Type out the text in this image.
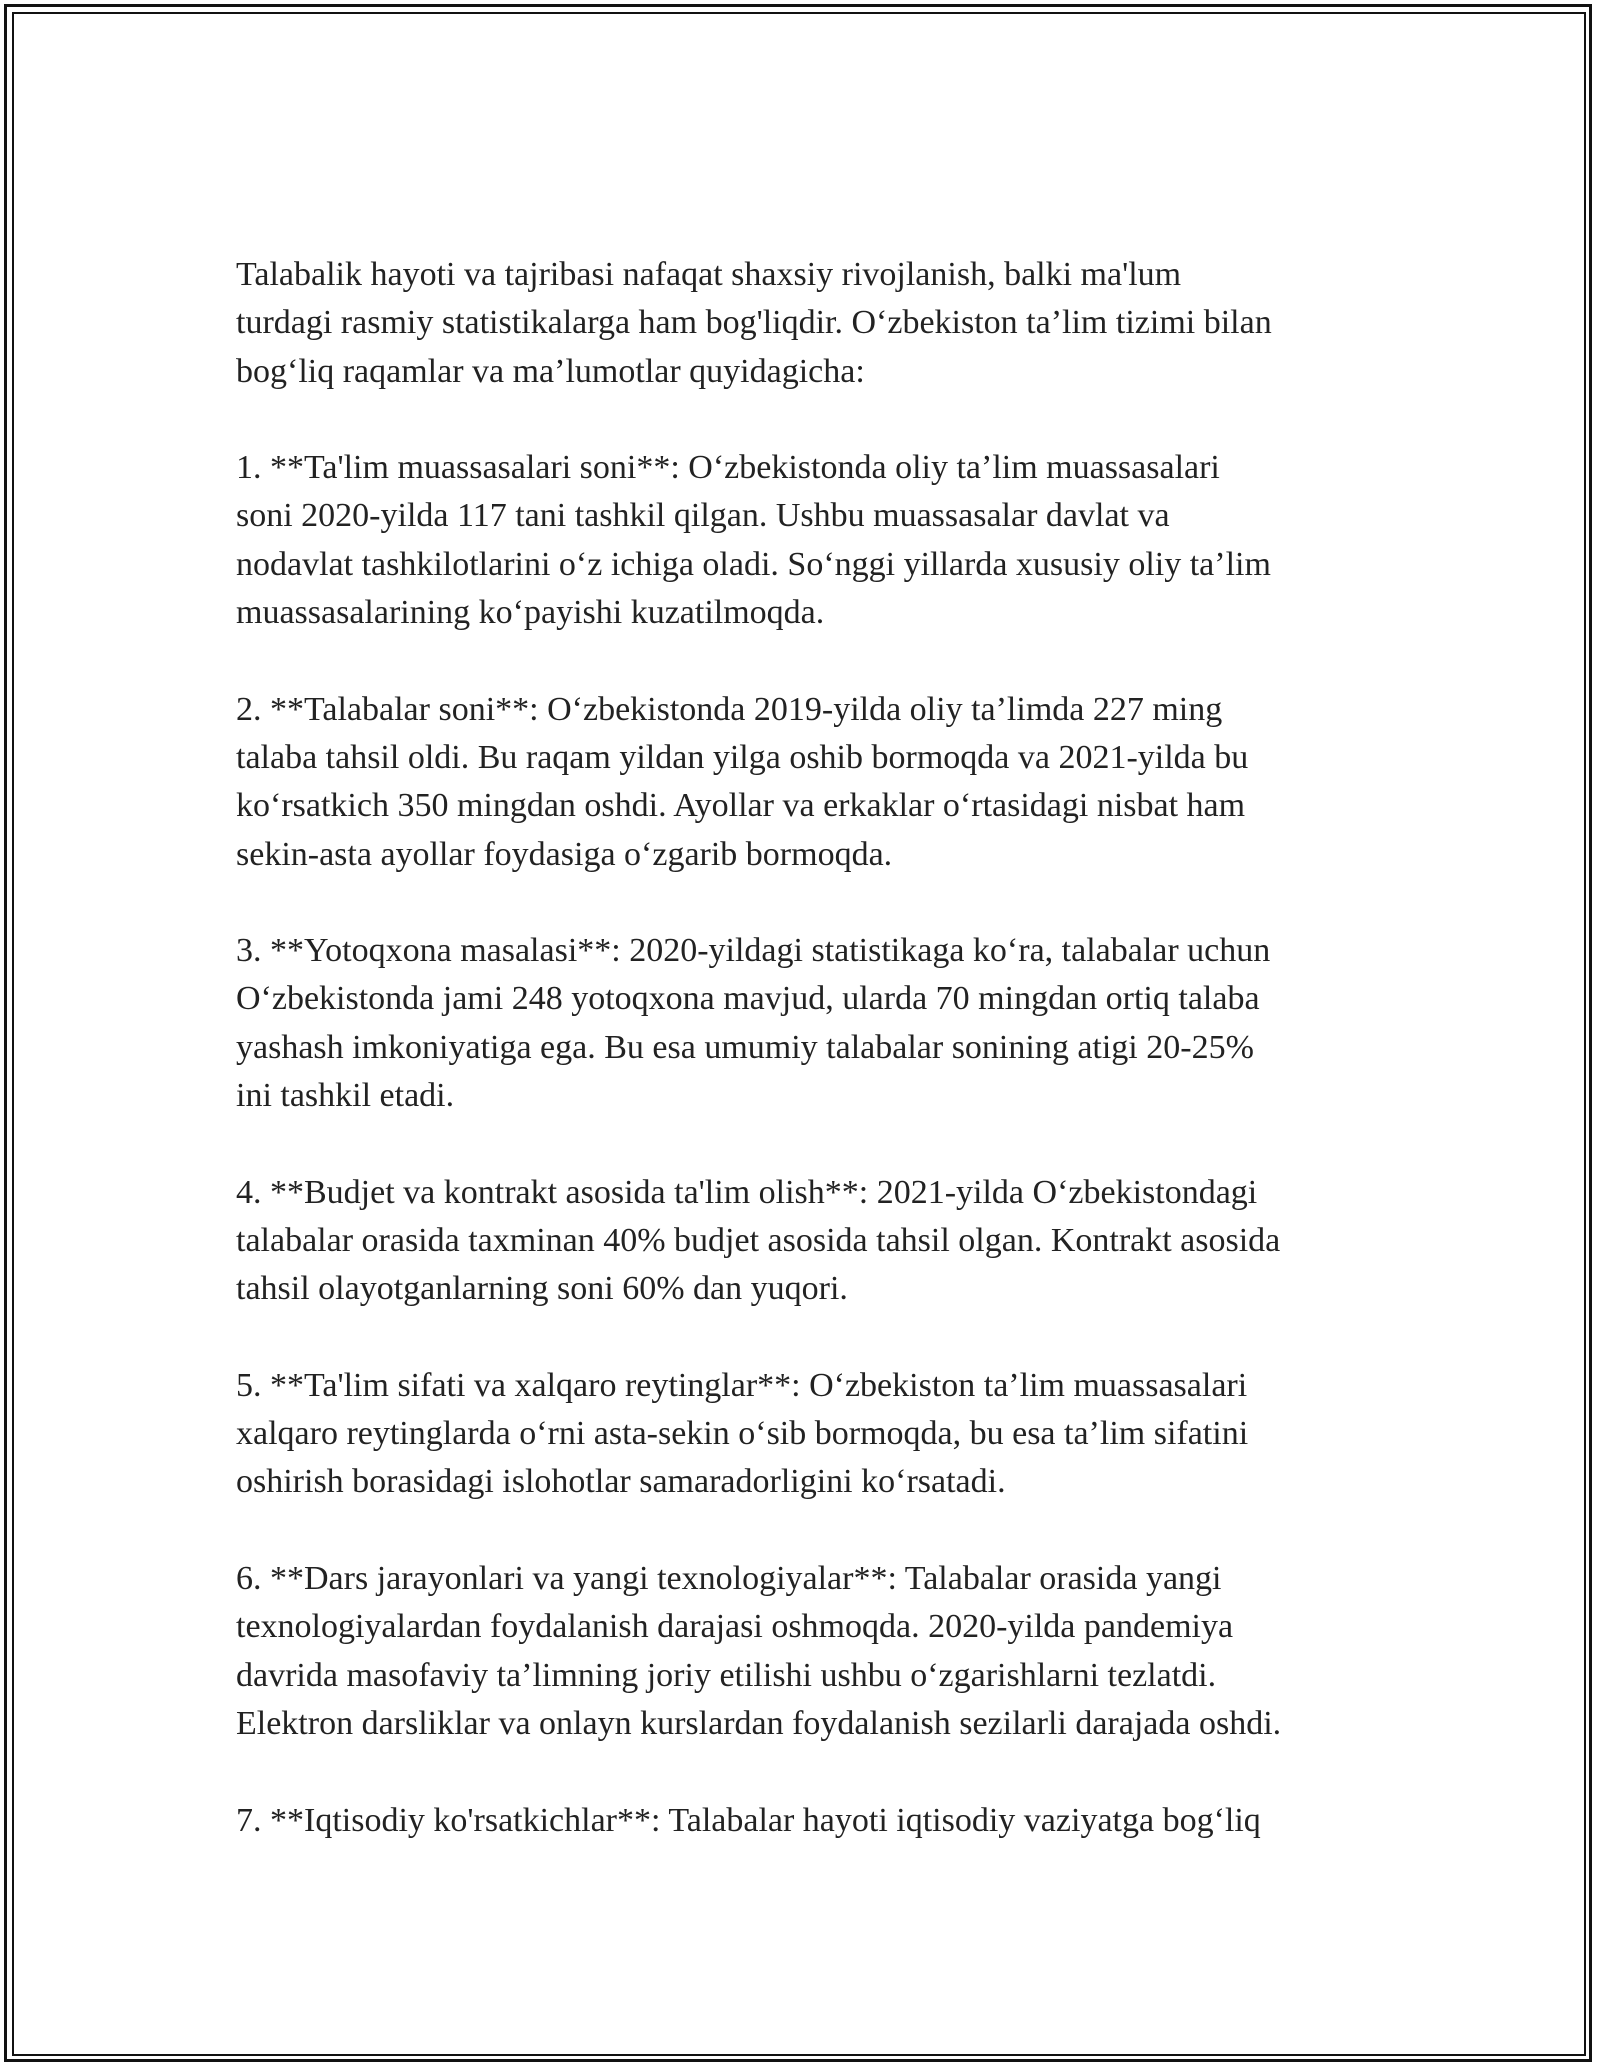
Talabalik hayoti va tajribasi nafaqat shaxsiy rivojlanish, balki ma'lum
turdagi rasmiy statistikalarga ham bog'liqdir. O‘zbekiston ta’lim tizimi bilan
bog‘liq raqamlar va ma’lumotlar quyidagicha:

1. **Ta'lim muassasalari soni**: O‘zbekistonda oliy ta’lim muassasalari
soni 2020-yilda 117 tani tashkil qilgan. Ushbu muassasalar davlat va
nodavlat tashkilotlarini o‘z ichiga oladi. So‘nggi yillarda xususiy oliy ta’lim
muassasalarining ko‘payishi kuzatilmoqda.

2. **Talabalar soni**: O‘zbekistonda 2019-yilda oliy ta’limda 227 ming
talaba tahsil oldi. Bu raqam yildan yilga oshib bormoqda va 2021-yilda bu
ko‘rsatkich 350 mingdan oshdi. Ayollar va erkaklar o‘rtasidagi nisbat ham
sekin-asta ayollar foydasiga o‘zgarib bormoqda.

3. **Yotoqxona masalasi**: 2020-yildagi statistikaga ko‘ra, talabalar uchun
O‘zbekistonda jami 248 yotoqxona mavjud, ularda 70 mingdan ortiq talaba
yashash imkoniyatiga ega. Bu esa umumiy talabalar sonining atigi 20-25%
ini tashkil etadi.

4. **Budjet va kontrakt asosida ta'lim olish**: 2021-yilda O‘zbekistondagi
talabalar orasida taxminan 40% budjet asosida tahsil olgan. Kontrakt asosida
tahsil olayotganlarning soni 60% dan yuqori.

5. **Ta'lim sifati va xalqaro reytinglar**: O‘zbekiston ta’lim muassasalari
xalqaro reytinglarda o‘rni asta-sekin o‘sib bormoqda, bu esa ta’lim sifatini
oshirish borasidagi islohotlar samaradorligini ko‘rsatadi.

6. **Dars jarayonlari va yangi texnologiyalar**: Talabalar orasida yangi
texnologiyalardan foydalanish darajasi oshmoqda. 2020-yilda pandemiya
davrida masofaviy ta’limning joriy etilishi ushbu o‘zgarishlarni tezlatdi.
Elektron darsliklar va onlayn kurslardan foydalanish sezilarli darajada oshdi.

7. **Iqtisodiy ko'rsatkichlar**: Talabalar hayoti iqtisodiy vaziyatga bog‘liq
